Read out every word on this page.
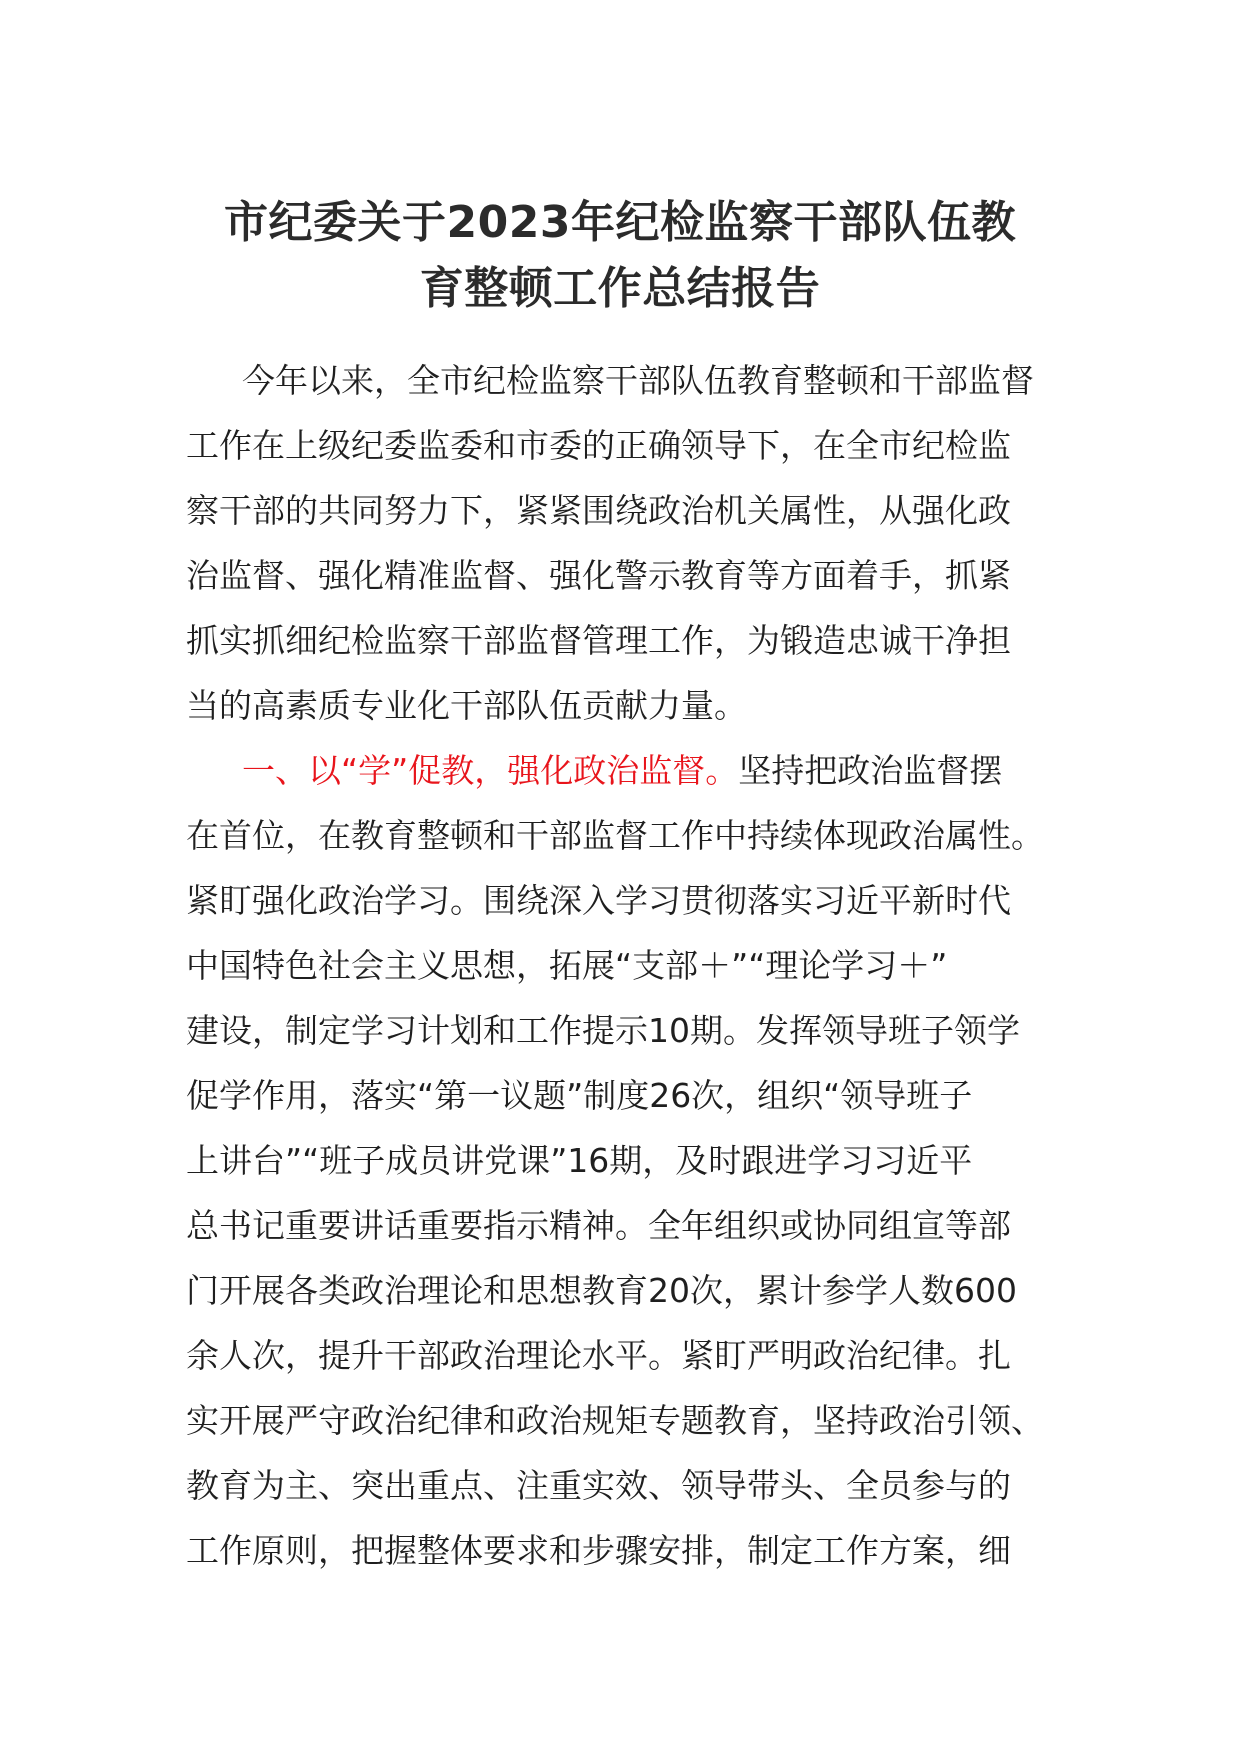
市纪委关于2023年纪检监察干部队伍教
育整顿工作总结报告

今年以来，全市纪检监察干部队伍教育整顿和干部监督
工作在上级纪委监委和市委的正确领导下，在全市纪检监
察干部的共同努力下，紧紧围绕政治机关属性，从强化政
治监督、强化精准监督、强化警示教育等方面着手，抓紧
抓实抓细纪检监察干部监督管理工作，为锻造忠诚干净担
当的高素质专业化干部队伍贡献力量。

一、以“学”促教，强化政治监督。坚持把政治监督摆
在首位，在教育整顿和干部监督工作中持续体现政治属性。
紧盯强化政治学习。围绕深入学习贯彻落实习近平新时代
中国特色社会主义思想，拓展“支部＋”“理论学习＋”
建设，制定学习计划和工作提示10期。发挥领导班子领学
促学作用，落实“第一议题”制度26次，组织“领导班子
上讲台”“班子成员讲党课”16期，及时跟进学习习近平
总书记重要讲话重要指示精神。全年组织或协同组宣等部
门开展各类政治理论和思想教育20次，累计参学人数600
余人次，提升干部政治理论水平。紧盯严明政治纪律。扎
实开展严守政治纪律和政治规矩专题教育，坚持政治引领、
教育为主、突出重点、注重实效、领导带头、全员参与的
工作原则，把握整体要求和步骤安排，制定工作方案，细
